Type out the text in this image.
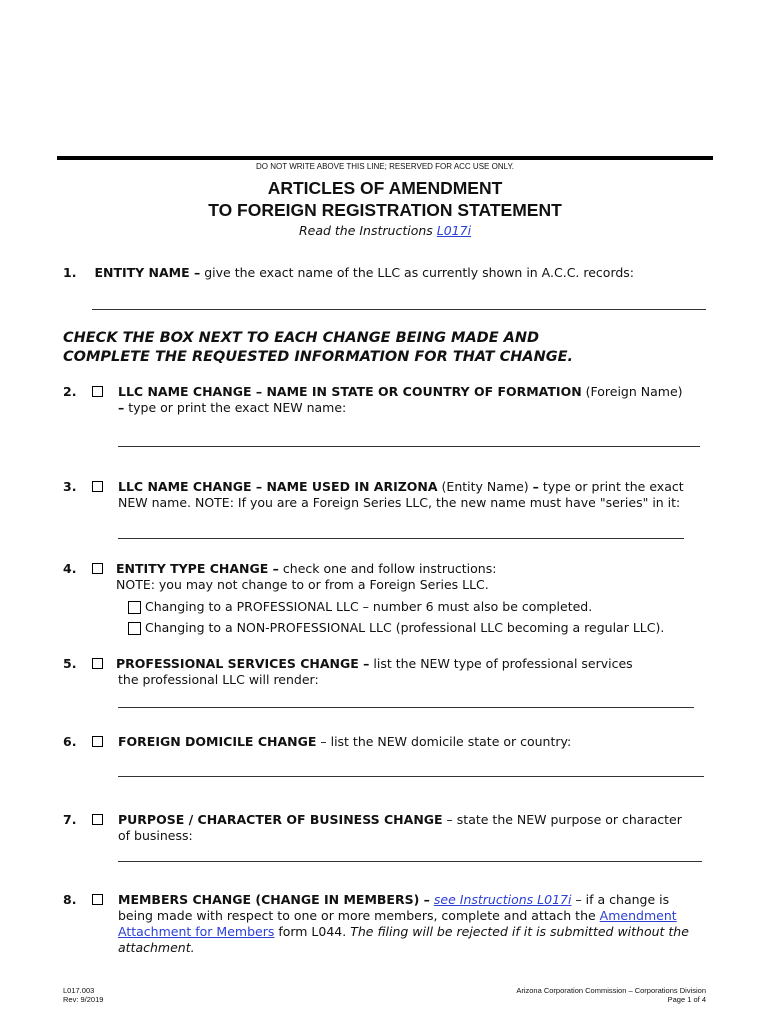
DO NOT WRITE ABOVE THIS LINE; RESERVED FOR ACC USE ONLY.
ARTICLES OF AMENDMENT
TO FOREIGN REGISTRATION STATEMENT
Read the Instructions L017i
1. ENTITY NAME – give the exact name of the LLC as currently shown in A.C.C. records:
CHECK THE BOX NEXT TO EACH CHANGE BEING MADE AND
COMPLETE THE REQUESTED INFORMATION FOR THAT CHANGE.
2.	LLC NAME CHANGE – NAME IN STATE OR COUNTRY OF FORMATION (Foreign Name)
– type or print the exact NEW name:
3.	LLC NAME CHANGE – NAME USED IN ARIZONA (Entity Name) – type or print the exact
NEW name. NOTE: If you are a Foreign Series LLC, the new name must have "series" in it:
4.	ENTITY TYPE CHANGE – check one and follow instructions:
NOTE: you may not change to or from a Foreign Series LLC.
Changing to a PROFESSIONAL LLC – number 6 must also be completed.
Changing to a NON-PROFESSIONAL LLC (professional LLC becoming a regular LLC).
5.	PROFESSIONAL SERVICES CHANGE – list the NEW type of professional services
the professional LLC will render:
6.	FOREIGN DOMICILE CHANGE – list the NEW domicile state or country:
7.	PURPOSE / CHARACTER OF BUSINESS CHANGE – state the NEW purpose or character
of business:
8.	MEMBERS CHANGE (CHANGE IN MEMBERS) – see Instructions L017i – if a change is
being made with respect to one or more members, complete and attach the Amendment
Attachment for Members form L044. The filing will be rejected if it is submitted without the
attachment.
L017.003
Rev: 9/2019
Arizona Corporation Commission – Corporations Division
Page 1 of 4
